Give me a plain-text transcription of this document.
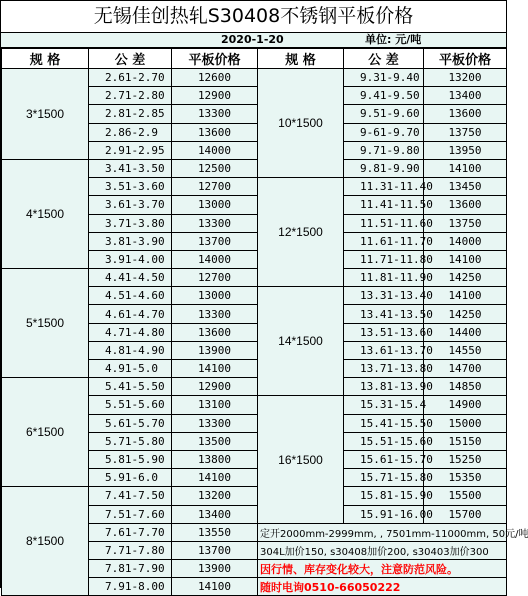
无锡佳创热轧S30408不锈钢平板价格
2020-1-20	单位: 元/吨
规 格	公 差	平板价格	规 格	公 差	平板价格
3*1500	2.61-2.70	12600	10*1500	9.31-9.40	13200
	2.71-2.80	12900		9.41-9.50	13400
	2.81-2.85	13300		9.51-9.60	13600
	2.86-2.9	13600		9-61-9.70	13750
	2.91-2.95	14000		9.71-9.80	13950
4*1500	3.41-3.50	12500		9.81-9.90	14100
	3.51-3.60	12700	12*1500	11.31-11.40	13450
	3.61-3.70	13000		11.41-11.50	13600
	3.71-3.80	13300		11.51-11.60	13750
	3.81-3.90	13700		11.61-11.70	14000
	3.91-4.00	14000		11.71-11.80	14100
5*1500	4.41-4.50	12700		11.81-11.90	14250
	4.51-4.60	13000	14*1500	13.31-13.40	14100
	4.61-4.70	13300		13.41-13.50	14250
	4.71-4.80	13600		13.51-13.60	14400
	4.81-4.90	13900		13.61-13.70	14550
	4.91-5.0	14100		13.71-13.80	14700
6*1500	5.41-5.50	12900		13.81-13.90	14850
	5.51-5.60	13100	16*1500	15.31-15.4	14900
	5.61-5.70	13300		15.41-15.50	15000
	5.71-5.80	13500		15.51-15.60	15150
	5.81-5.90	13800		15.61-15.70	15250
	5.91-6.0	14100		15.71-15.80	15350
8*1500	7.41-7.50	13200		15.81-15.90	15500
	7.51-7.60	13400		15.91-16.00	15700
	7.61-7.70	13550	定开2000mm-2999mm, , 7501mm-11000mm, 50元/吨		
	7.71-7.80	13700	304L加价150, s30408加价200, s30403加价300		
	7.81-7.90	13900	因行情、库存变化较大，注意防范风险。		
	7.91-8.00	14100	随时电询0510-66050222		
